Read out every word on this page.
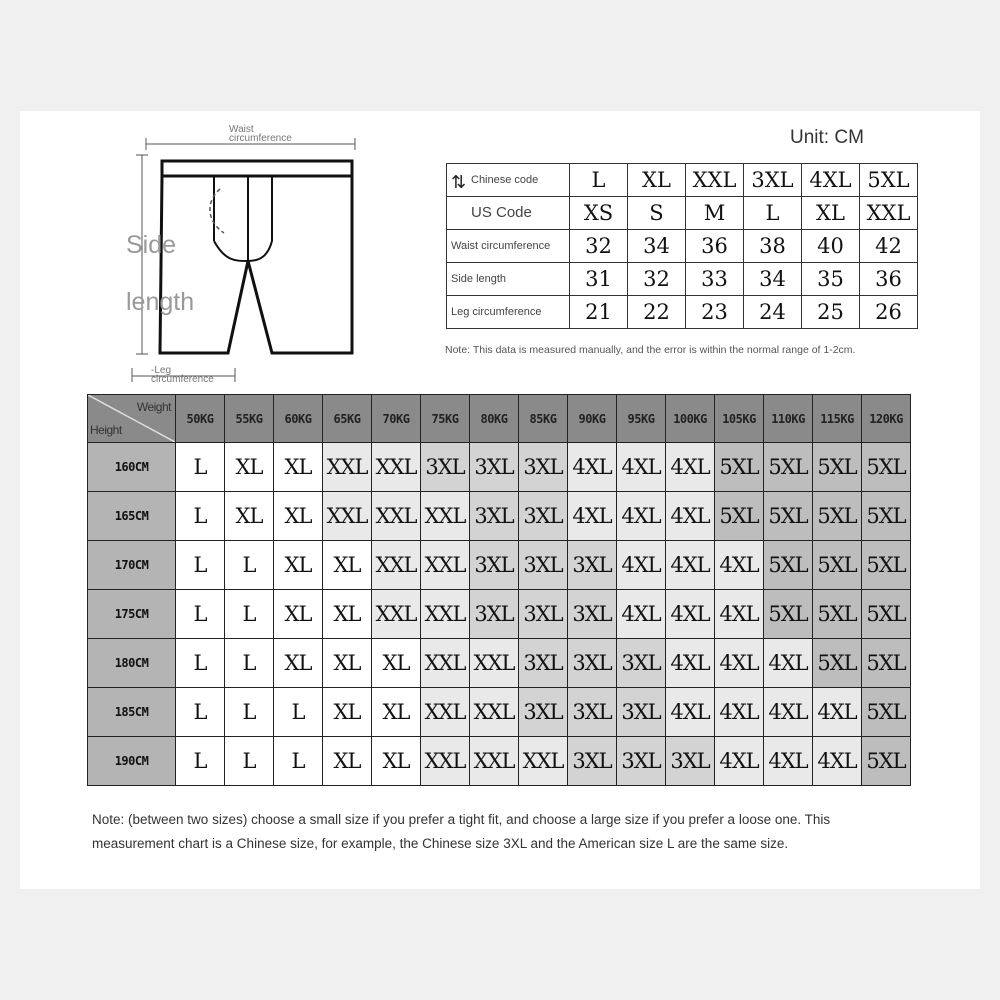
Waist circumference
Side
length
-Leg circumference
Unit: CM
⇅ Chinese code	L	XL	XXL	3XL	4XL	5XL
US Code	XS	S	M	L	XL	XXL
Waist circumference	32	34	36	38	40	42
Side length	31	32	33	34	35	36
Leg circumference	21	22	23	24	25	26
Note: This data is measured manually, and the error is within the normal range of 1-2cm.
Weight
Height	50KG	55KG	60KG	65KG	70KG	75KG	80KG	85KG	90KG	95KG	100KG	105KG	110KG	115KG	120KG
160CM	L	XL	XL	XXL	XXL	3XL	3XL	3XL	4XL	4XL	4XL	5XL	5XL	5XL	5XL
165CM	L	XL	XL	XXL	XXL	XXL	3XL	3XL	4XL	4XL	4XL	5XL	5XL	5XL	5XL
170CM	L	L	XL	XL	XXL	XXL	3XL	3XL	3XL	4XL	4XL	4XL	5XL	5XL	5XL
175CM	L	L	XL	XL	XXL	XXL	3XL	3XL	3XL	4XL	4XL	4XL	5XL	5XL	5XL
180CM	L	L	XL	XL	XL	XXL	XXL	3XL	3XL	3XL	4XL	4XL	4XL	5XL	5XL
185CM	L	L	L	XL	XL	XXL	XXL	3XL	3XL	3XL	4XL	4XL	4XL	4XL	5XL
190CM	L	L	L	XL	XL	XXL	XXL	XXL	3XL	3XL	3XL	4XL	4XL	4XL	5XL
Note: (between two sizes) choose a small size if you prefer a tight fit, and choose a large size if you prefer a loose one. This measurement chart is a Chinese size, for example, the Chinese size 3XL and the American size L are the same size.
